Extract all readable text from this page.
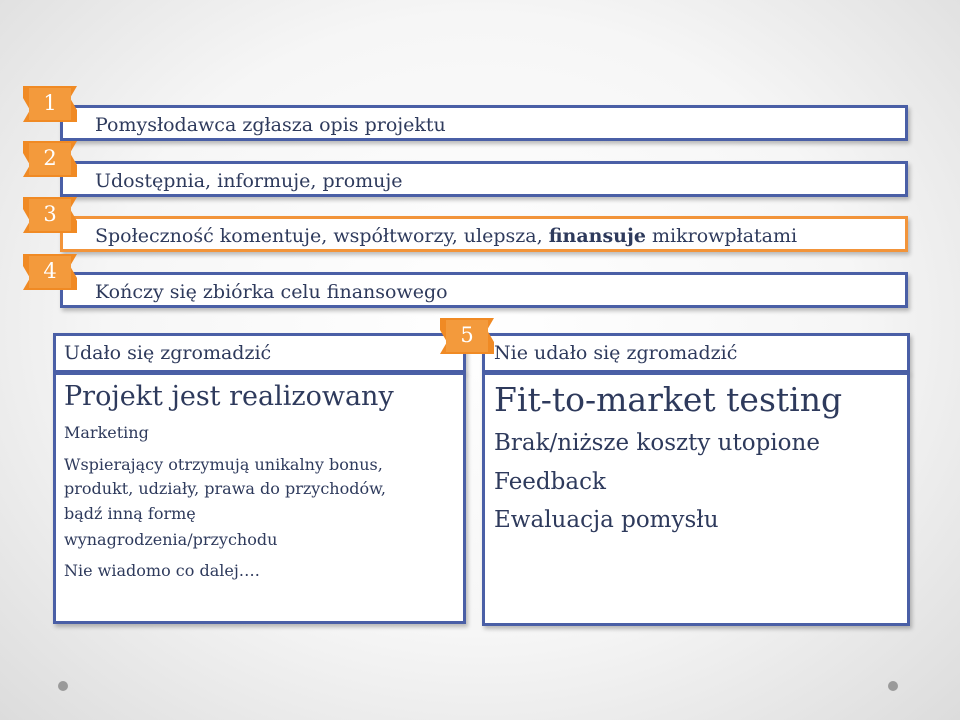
Pomysłodawca zgłasza opis projektu
Udostępnia, informuje, promuje
Społeczność komentuje, współtworzy, ulepsza, finansuje mikrowpłatami
Kończy się zbiórka celu finansowego
1
2
3
4
Udało się zgromadzić
Projekt jest realizowany
Marketing
Wspierający otrzymują unikalny bonus,
produkt, udziały, prawa do przychodów,
bądź inną formę
wynagrodzenia/przychodu
Nie wiadomo co dalej….
Nie udało się zgromadzić
Fit-to-market testing
Brak/niższe koszty utopione
Feedback
Ewaluacja pomysłu
5
